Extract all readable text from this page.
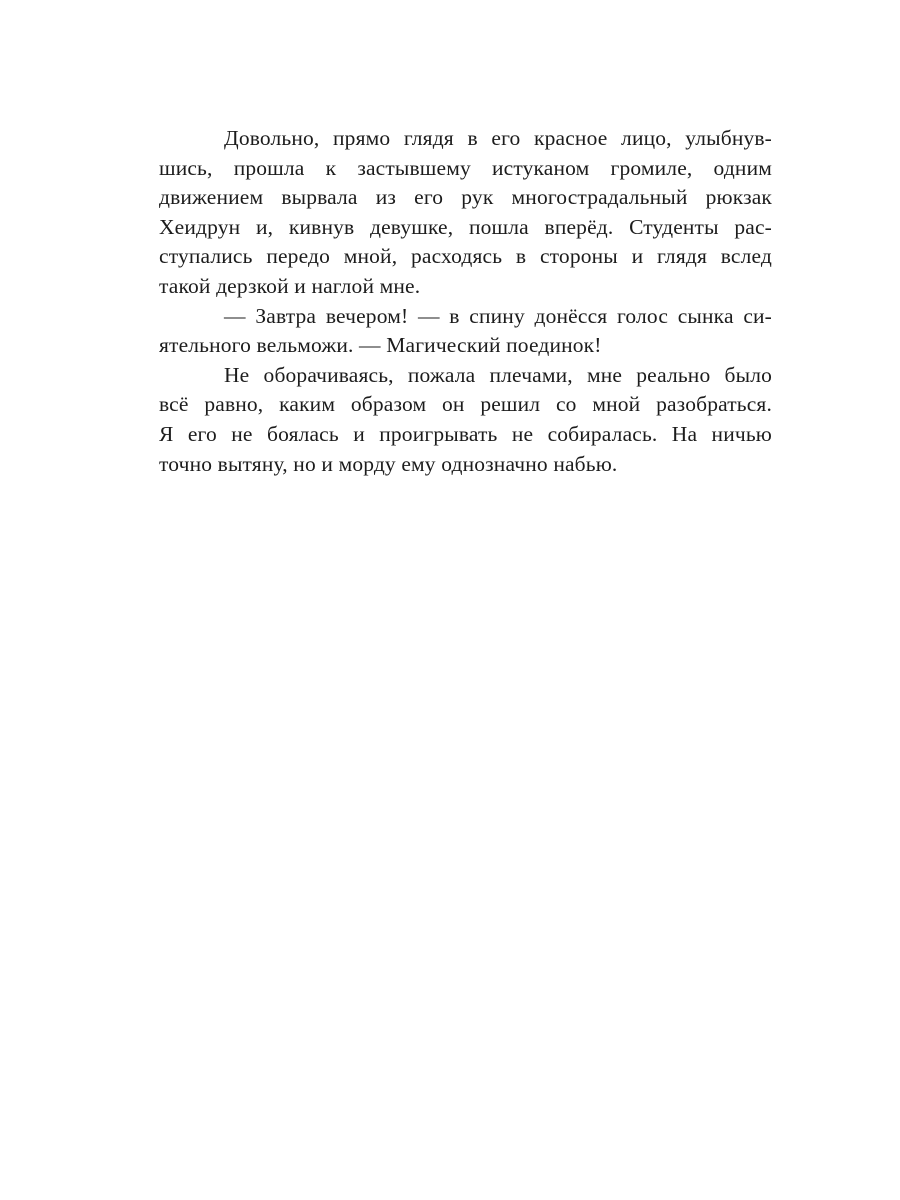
Довольно, прямо глядя в его красное лицо, улыбнув-
шись, прошла к застывшему истуканом громиле, одним
движением вырвала из его рук многострадальный рюкзак
Хеидрун и, кивнув девушке, пошла вперёд. Студенты рас-
ступались передо мной, расходясь в стороны и глядя вслед
такой дерзкой и наглой мне.
— Завтра вечером! — в спину донёсся голос сынка си-
ятельного вельможи. — Магический поединок!
Не оборачиваясь, пожала плечами, мне реально было
всё равно, каким образом он решил со мной разобраться.
Я его не боялась и проигрывать не собиралась. На ничью
точно вытяну, но и морду ему однозначно набью.
